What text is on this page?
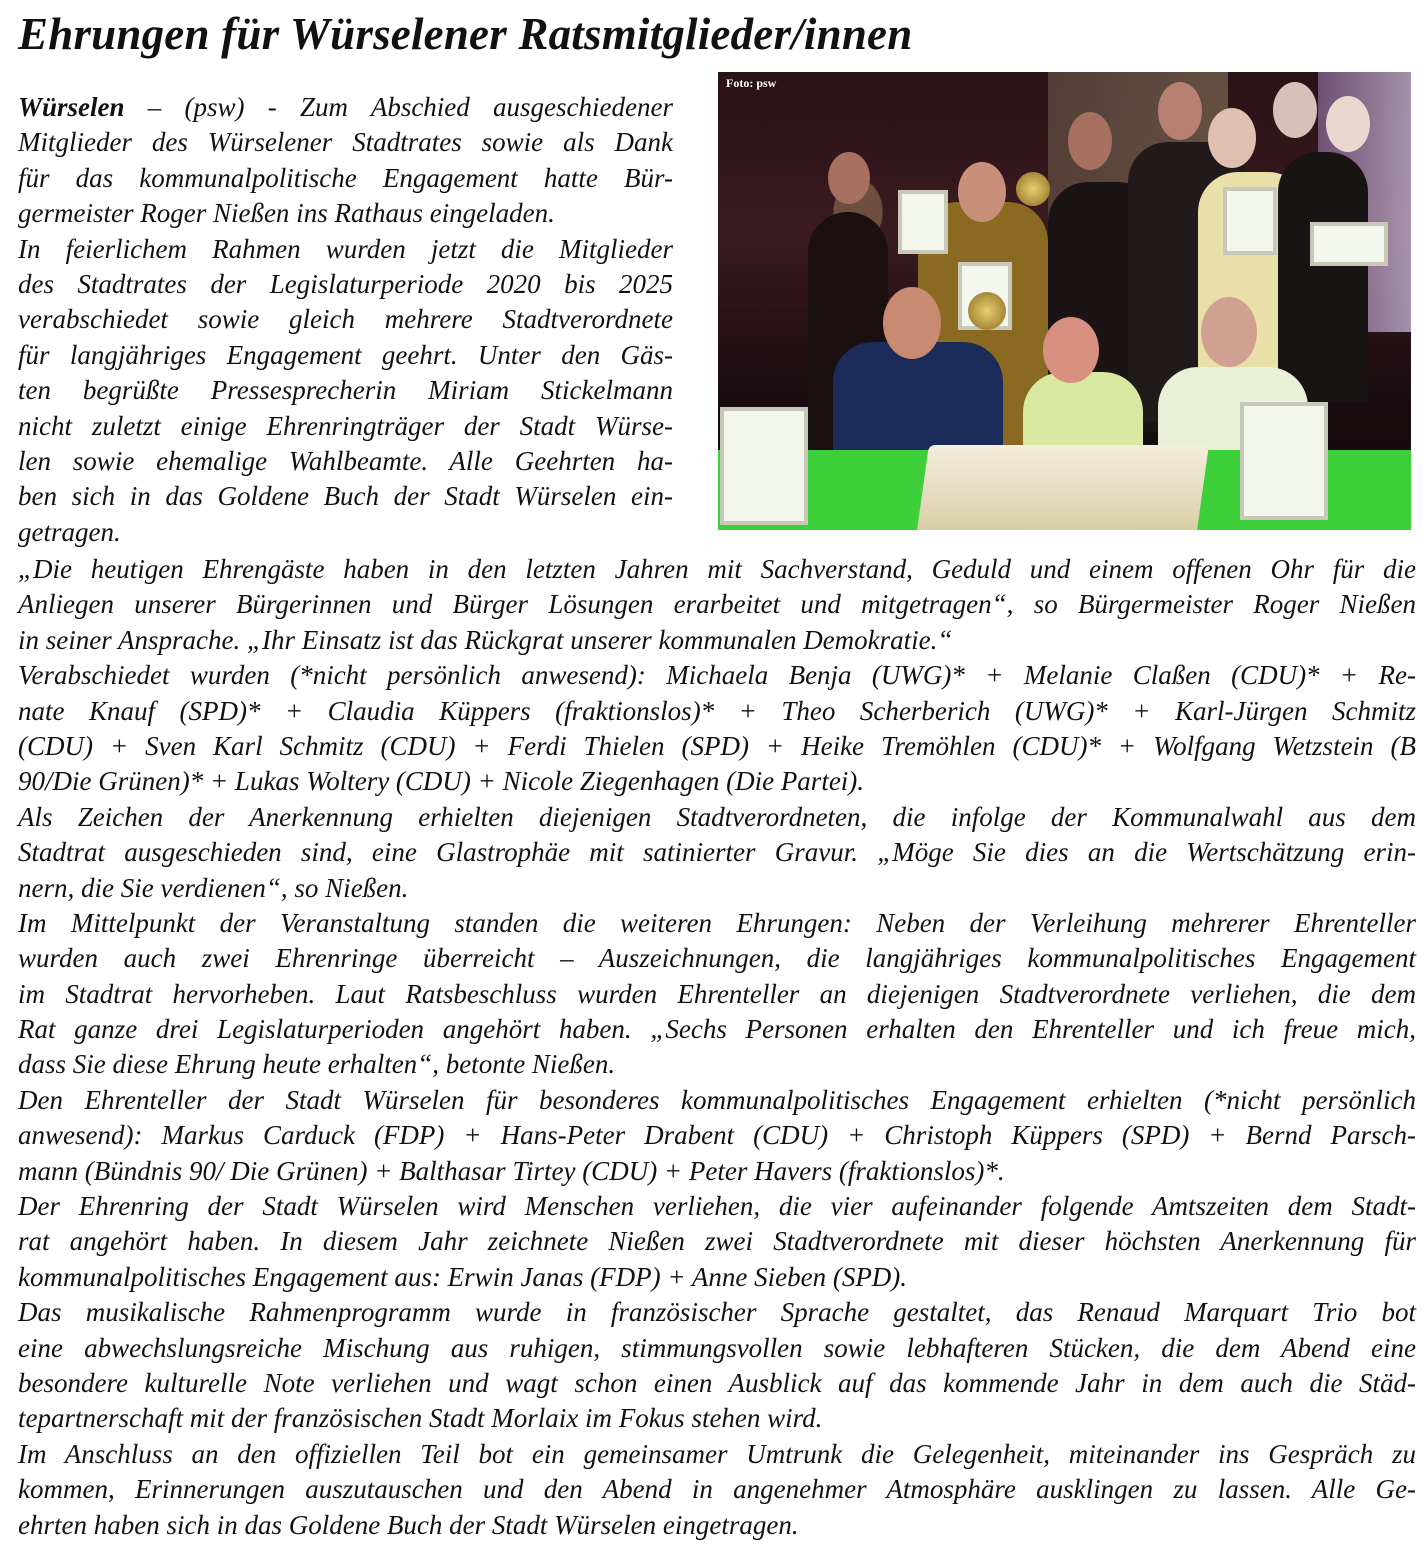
Ehrungen für Würselener Ratsmitglieder/innen
Würselen – (psw) - Zum Abschied ausgeschiedener
Mitglieder des Würselener Stadtrates sowie als Dank
für das kommunalpolitische Engagement hatte Bür-
germeister Roger Nießen ins Rathaus eingeladen.
In feierlichem Rahmen wurden jetzt die Mitglieder
des Stadtrates der Legislaturperiode 2020 bis 2025
verabschiedet sowie gleich mehrere Stadtverordnete
für langjähriges Engagement geehrt. Unter den Gäs-
ten begrüßte Pressesprecherin Miriam Stickelmann
nicht zuletzt einige Ehrenringträger der Stadt Würse-
len sowie ehemalige Wahlbeamte. Alle Geehrten ha-
ben sich in das Goldene Buch der Stadt Würselen ein-
getragen.
Foto: psw
„Die heutigen Ehrengäste haben in den letzten Jahren mit Sachverstand, Geduld und einem offenen Ohr für die
Anliegen unserer Bürgerinnen und Bürger Lösungen erarbeitet und mitgetragen“, so Bürgermeister Roger Nießen
in seiner Ansprache. „Ihr Einsatz ist das Rückgrat unserer kommunalen Demokratie.“
Verabschiedet wurden (*nicht persönlich anwesend): Michaela Benja (UWG)* + Melanie Claßen (CDU)* + Re-
nate Knauf (SPD)* + Claudia Küppers (fraktionslos)* + Theo Scherberich (UWG)* + Karl-Jürgen Schmitz
(CDU) + Sven Karl Schmitz (CDU) + Ferdi Thielen (SPD) + Heike Tremöhlen (CDU)* + Wolfgang Wetzstein (B
90/Die Grünen)* + Lukas Woltery (CDU) + Nicole Ziegenhagen (Die Partei).
Als Zeichen der Anerkennung erhielten diejenigen Stadtverordneten, die infolge der Kommunalwahl aus dem
Stadtrat ausgeschieden sind, eine Glastrophäe mit satinierter Gravur. „Möge Sie dies an die Wertschätzung erin-
nern, die Sie verdienen“, so Nießen.
Im Mittelpunkt der Veranstaltung standen die weiteren Ehrungen: Neben der Verleihung mehrerer Ehrenteller
wurden auch zwei Ehrenringe überreicht – Auszeichnungen, die langjähriges kommunalpolitisches Engagement
im Stadtrat hervorheben. Laut Ratsbeschluss wurden Ehrenteller an diejenigen Stadtverordnete verliehen, die dem
Rat ganze drei Legislaturperioden angehört haben. „Sechs Personen erhalten den Ehrenteller und ich freue mich,
dass Sie diese Ehrung heute erhalten“, betonte Nießen.
Den Ehrenteller der Stadt Würselen für besonderes kommunalpolitisches Engagement erhielten (*nicht persönlich
anwesend): Markus Carduck (FDP) + Hans-Peter Drabent (CDU) + Christoph Küppers (SPD) + Bernd Parsch-
mann (Bündnis 90/ Die Grünen) + Balthasar Tirtey (CDU) + Peter Havers (fraktionslos)*.
Der Ehrenring der Stadt Würselen wird Menschen verliehen, die vier aufeinander folgende Amtszeiten dem Stadt-
rat angehört haben. In diesem Jahr zeichnete Nießen zwei Stadtverordnete mit dieser höchsten Anerkennung für
kommunalpolitisches Engagement aus: Erwin Janas (FDP) + Anne Sieben (SPD).
Das musikalische Rahmenprogramm wurde in französischer Sprache gestaltet, das Renaud Marquart Trio bot
eine abwechslungsreiche Mischung aus ruhigen, stimmungsvollen sowie lebhafteren Stücken, die dem Abend eine
besondere kulturelle Note verliehen und wagt schon einen Ausblick auf das kommende Jahr in dem auch die Städ-
tepartnerschaft mit der französischen Stadt Morlaix im Fokus stehen wird.
Im Anschluss an den offiziellen Teil bot ein gemeinsamer Umtrunk die Gelegenheit, miteinander ins Gespräch zu
kommen, Erinnerungen auszutauschen und den Abend in angenehmer Atmosphäre ausklingen zu lassen. Alle Ge-
ehrten haben sich in das Goldene Buch der Stadt Würselen eingetragen.
